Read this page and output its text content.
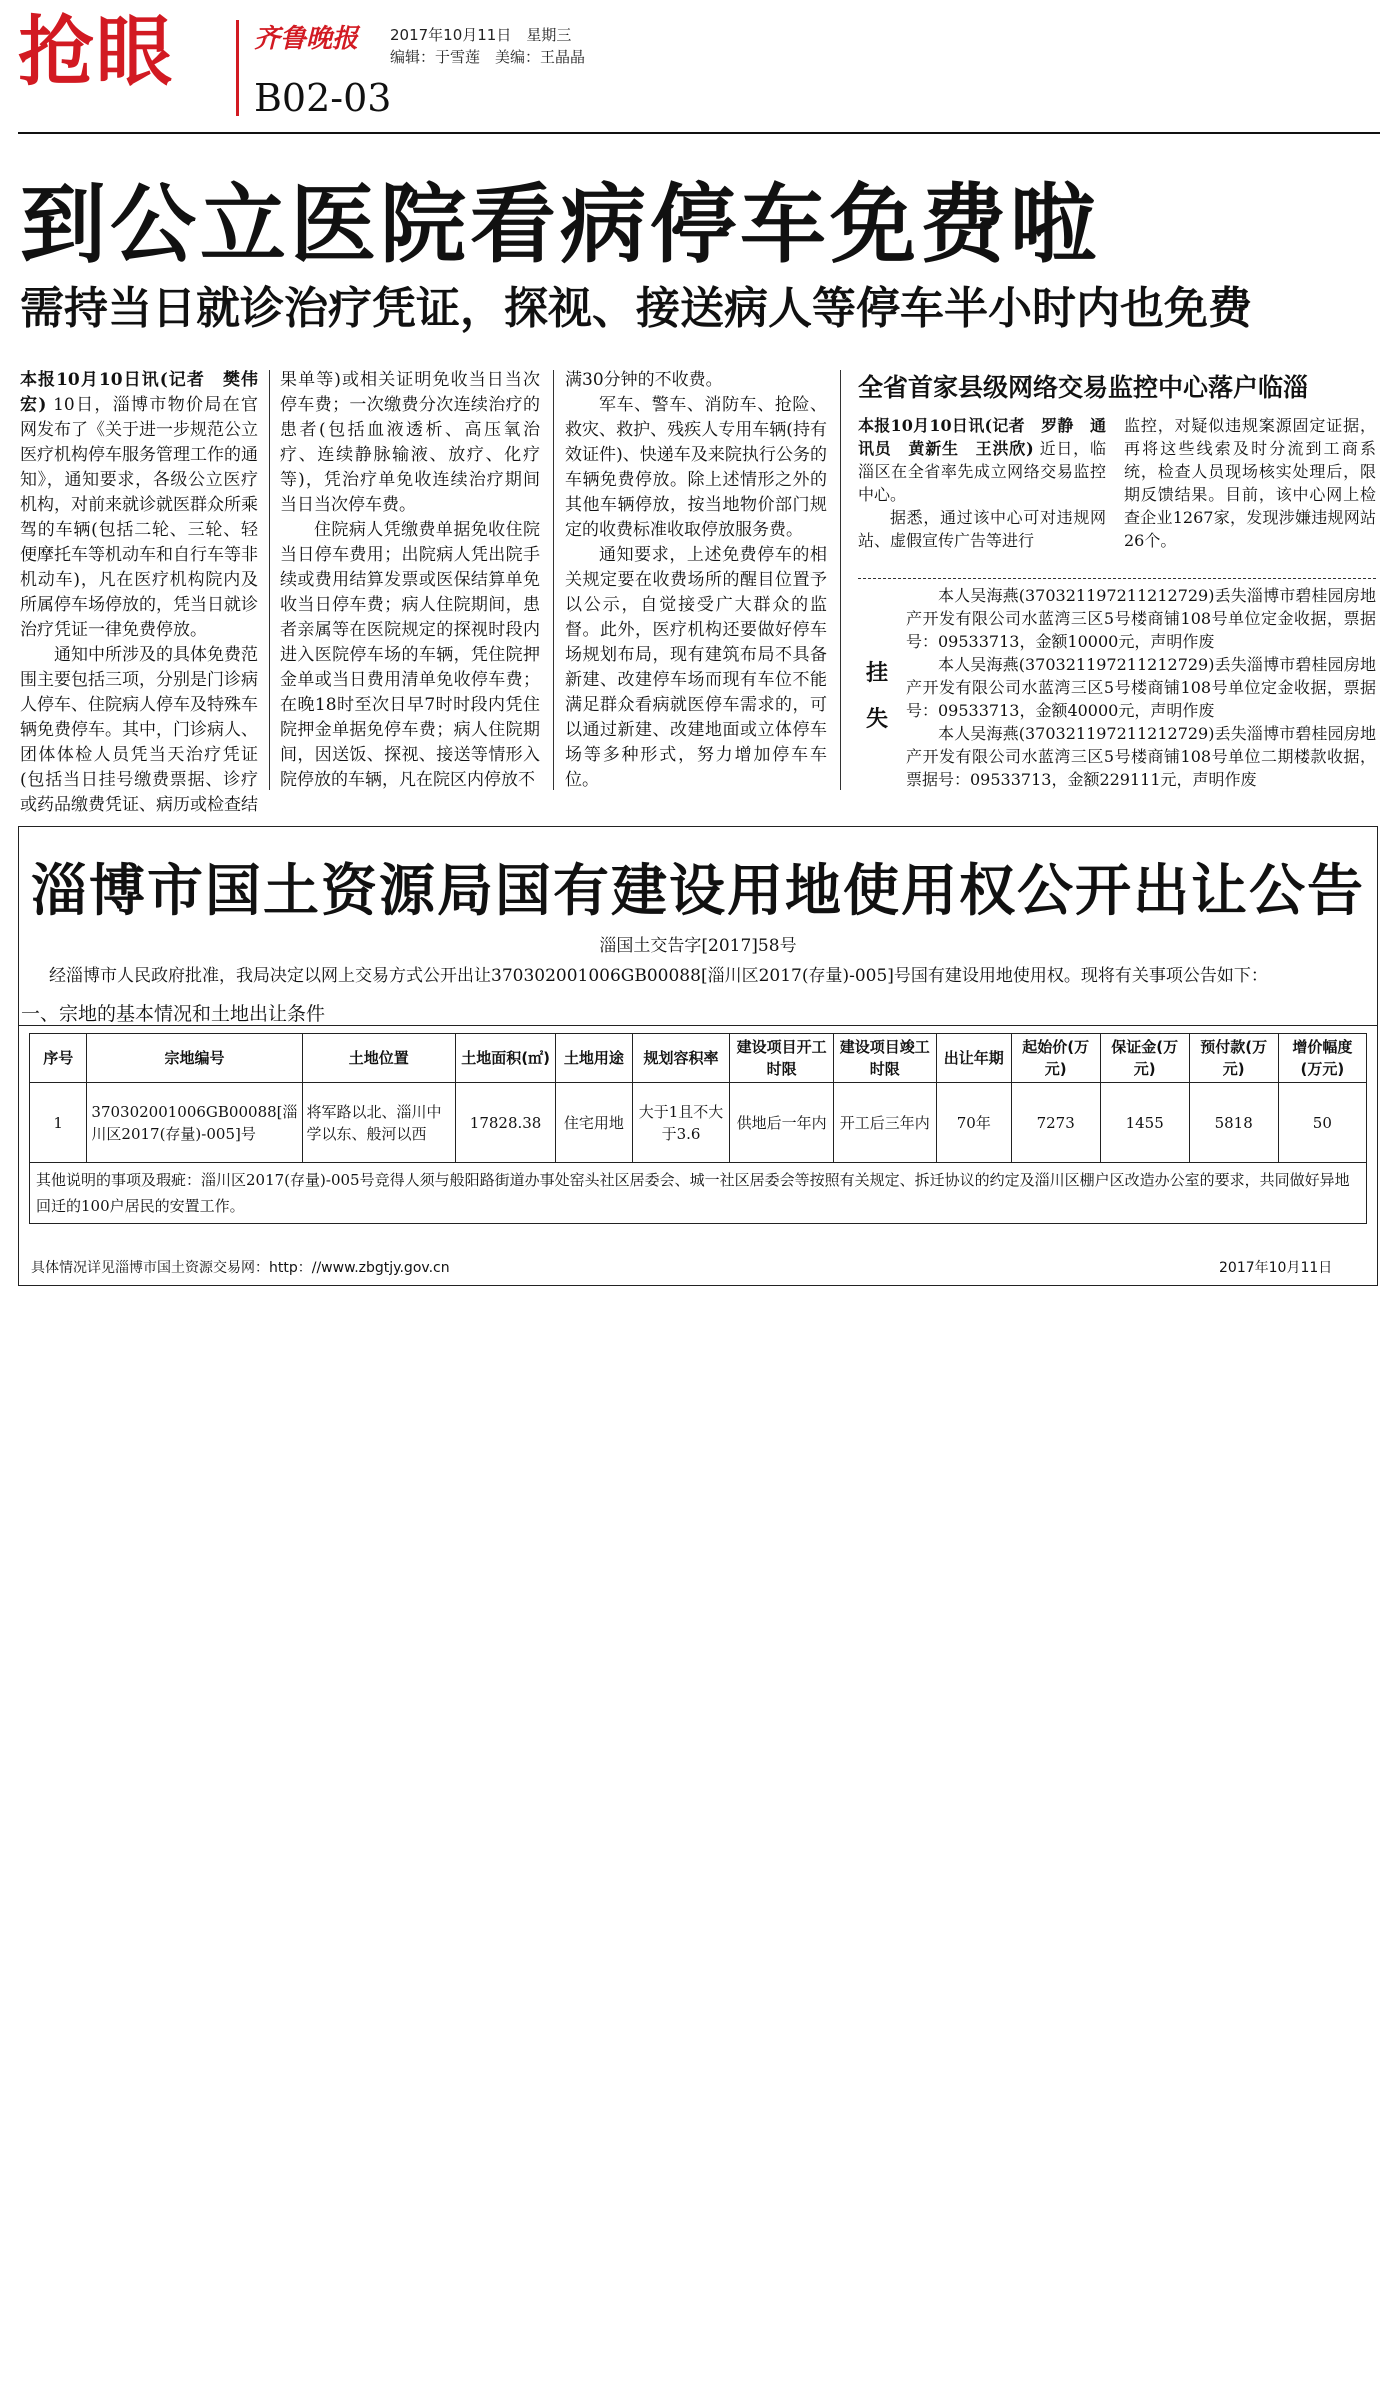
抢眼	齐鲁晚报 2017年10月11日　星期三
编辑：于雪莲　美编：王晶晶
B02-03
到公立医院看病停车免费啦
需持当日就诊治疗凭证，探视、接送病人等停车半小时内也免费

本报10月10日讯(记者　樊伟宏) 10日，淄博市物价局在官网发布了《关于进一步规范公立医疗机构停车服务管理工作的通知》，通知要求，各级公立医疗机构，对前来就诊就医群众所乘驾的车辆(包括二轮、三轮、轻便摩托车等机动车和自行车等非机动车)，凡在医疗机构院内及所属停车场停放的，凭当日就诊治疗凭证一律免费停放。

通知中所涉及的具体免费范围主要包括三项，分别是门诊病人停车、住院病人停车及特殊车辆免费停车。其中，门诊病人、团体体检人员凭当天治疗凭证(包括当日挂号缴费票据、诊疗或药品缴费凭证、病历或检查结

果单等)或相关证明免收当日当次停车费；一次缴费分次连续治疗的患者(包括血液透析、高压氧治疗、连续静脉输液、放疗、化疗等)，凭治疗单免收连续治疗期间当日当次停车费。

住院病人凭缴费单据免收住院当日停车费用；出院病人凭出院手续或费用结算发票或医保结算单免收当日停车费；病人住院期间，患者亲属等在医院规定的探视时段内进入医院停车场的车辆，凭住院押金单或当日费用清单免收停车费；在晚18时至次日早7时时段内凭住院押金单据免停车费；病人住院期间，因送饭、探视、接送等情形入院停放的车辆，凡在院区内停放不

满30分钟的不收费。

军车、警车、消防车、抢险、救灾、救护、残疾人专用车辆(持有效证件)、快递车及来院执行公务的车辆免费停放。除上述情形之外的其他车辆停放，按当地物价部门规定的收费标准收取停放服务费。

通知要求，上述免费停车的相关规定要在收费场所的醒目位置予以公示，自觉接受广大群众的监督。此外，医疗机构还要做好停车场规划布局，现有建筑布局不具备新建、改建停车场而现有车位不能满足群众看病就医停车需求的，可以通过新建、改建地面或立体停车场等多种形式，努力增加停车车位。

全省首家县级网络交易监控中心落户临淄

本报10月10日讯(记者　罗静　通讯员　黄新生　王洪欣) 近日，临淄区在全省率先成立网络交易监控中心。

据悉，通过该中心可对违规网站、虚假宣传广告等进行

监控，对疑似违规案源固定证据，再将这些线索及时分流到工商系统，检查人员现场核实处理后，限期反馈结果。目前，该中心网上检查企业1267家，发现涉嫌违规网站26个。

挂
失

本人吴海燕(370321197211212729)丢失淄博市碧桂园房地产开发有限公司水蓝湾三区5号楼商铺108号单位定金收据，票据号：09533713，金额10000元，声明作废

本人吴海燕(370321197211212729)丢失淄博市碧桂园房地产开发有限公司水蓝湾三区5号楼商铺108号单位定金收据，票据号：09533713，金额40000元，声明作废

本人吴海燕(370321197211212729)丢失淄博市碧桂园房地产开发有限公司水蓝湾三区5号楼商铺108号单位二期楼款收据，票据号：09533713，金额229111元，声明作废

淄博市国土资源局国有建设用地使用权公开出让公告
淄国土交告字[2017]58号
经淄博市人民政府批准，我局决定以网上交易方式公开出让370302001006GB00088[淄川区2017(存量)-005]号国有建设用地使用权。现将有关事项公告如下：
一、宗地的基本情况和土地出让条件
序号	宗地编号	土地位置	土地面积(㎡)	土地用途	规划容积率	建设项目开工时限	建设项目竣工时限	出让年期	起始价(万元)	保证金(万元)	预付款(万元)	增价幅度(万元)
1	370302001006GB00088[淄川区2017(存量)-005]号	将军路以北、淄川中学以东、般河以西	17828.38	住宅用地	大于1且不大于3.6	供地后一年内	开工后三年内	70年	7273	1455	5818	50
其他说明的事项及瑕疵：淄川区2017(存量)-005号竞得人须与般阳路街道办事处窑头社区居委会、城一社区居委会等按照有关规定、拆迁协议的约定及淄川区棚户区改造办公室的要求，共同做好异地回迁的100户居民的安置工作。												
具体情况详见淄博市国土资源交易网：http：//www.zbgtjy.gov.cn	2017年10月11日
